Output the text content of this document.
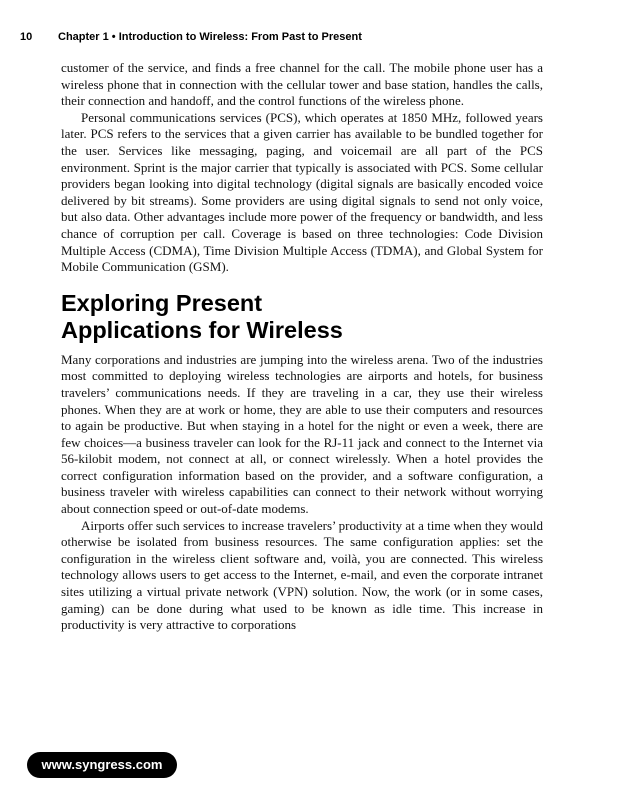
10 Chapter 1 • Introduction to Wireless: From Past to Present

customer of the service, and finds a free channel for the call. The mobile phone user has a wireless phone that in connection with the cellular tower and base station, handles the calls, their connection and handoff, and the control functions of the wireless phone.

Personal communications services (PCS), which operates at 1850 MHz, followed years later. PCS refers to the services that a given carrier has available to be bundled together for the user. Services like messaging, paging, and voicemail are all part of the PCS environment. Sprint is the major carrier that typically is associated with PCS. Some cellular providers began looking into digital technology (digital signals are basically encoded voice delivered by bit streams). Some providers are using digital signals to send not only voice, but also data. Other advantages include more power of the frequency or bandwidth, and less chance of corruption per call. Coverage is based on three technologies: Code Division Multiple Access (CDMA), Time Division Multiple Access (TDMA), and Global System for Mobile Communication (GSM).

Exploring Present
Applications for Wireless

Many corporations and industries are jumping into the wireless arena. Two of the industries most committed to deploying wireless technologies are airports and hotels, for business travelers’ communications needs. If they are traveling in a car, they use their wireless phones. When they are at work or home, they are able to use their computers and resources to again be productive. But when staying in a hotel for the night or even a week, there are few choices—a business traveler can look for the RJ-11 jack and connect to the Internet via 56-kilobit modem, not connect at all, or connect wirelessly. When a hotel provides the correct configuration information based on the provider, and a software configuration, a business traveler with wireless capabilities can connect to their network without worrying about connection speed or out-of-date modems.

Airports offer such services to increase travelers’ productivity at a time when they would otherwise be isolated from business resources. The same configuration applies: set the configuration in the wireless client software and, voilà, you are connected. This wireless technology allows users to get access to the Internet, e-mail, and even the corporate intranet sites utilizing a virtual private network (VPN) solution. Now, the work (or in some cases, gaming) can be done during what used to be known as idle time. This increase in productivity is very attractive to corporations

www.syngress.com
